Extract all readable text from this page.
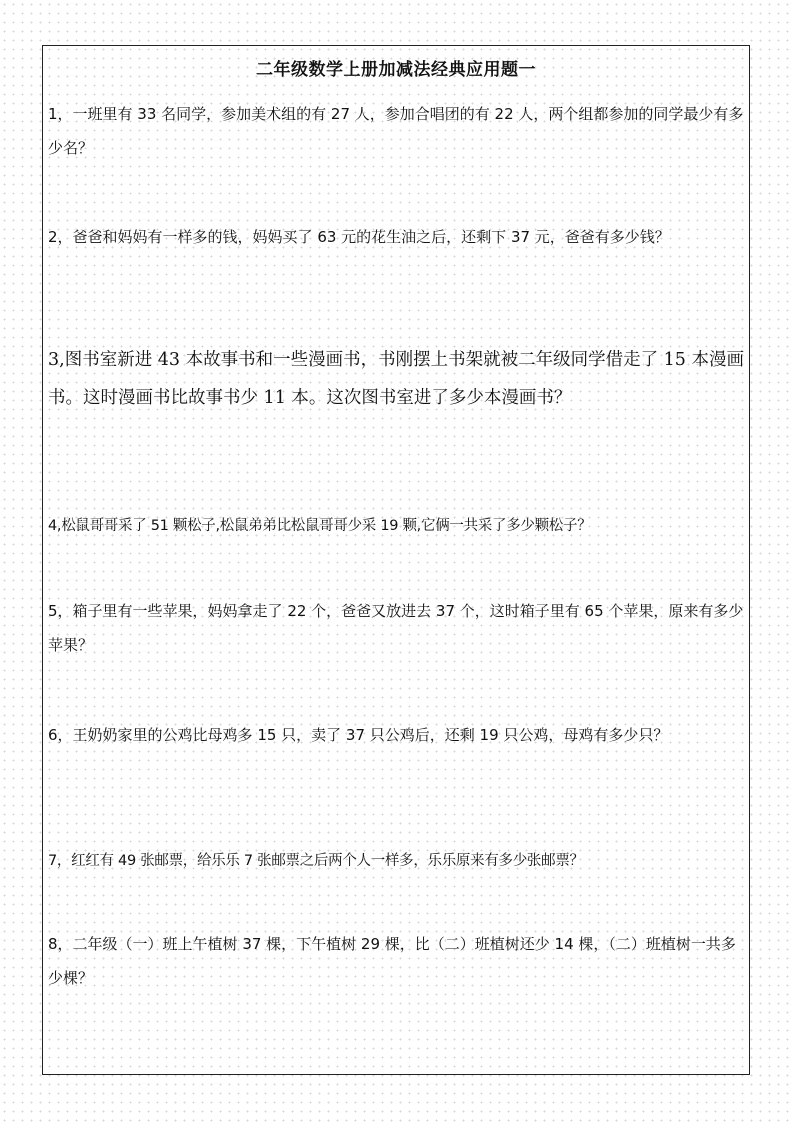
二年级数学上册加减法经典应用题一
1，一班里有 33 名同学，参加美术组的有 27 人，参加合唱团的有 22 人，两个组都参加的同学最少有多少名？
2，爸爸和妈妈有一样多的钱，妈妈买了 63 元的花生油之后，还剩下 37 元，爸爸有多少钱？
3,图书室新进 43 本故事书和一些漫画书，书刚摆上书架就被二年级同学借走了 15 本漫画书。这时漫画书比故事书少 11 本。这次图书室进了多少本漫画书？
4,松鼠哥哥采了 51 颗松子,松鼠弟弟比松鼠哥哥少采 19 颗,它俩一共采了多少颗松子？
5，箱子里有一些苹果，妈妈拿走了 22 个，爸爸又放进去 37 个，这时箱子里有 65 个苹果，原来有多少苹果？
6，王奶奶家里的公鸡比母鸡多 15 只，卖了 37 只公鸡后，还剩 19 只公鸡，母鸡有多少只？
7，红红有 49 张邮票，给乐乐 7 张邮票之后两个人一样多，乐乐原来有多少张邮票？
8，二年级（一）班上午植树 37 棵，下午植树 29 棵，比（二）班植树还少 14 棵，（二）班植树一共多少棵？
